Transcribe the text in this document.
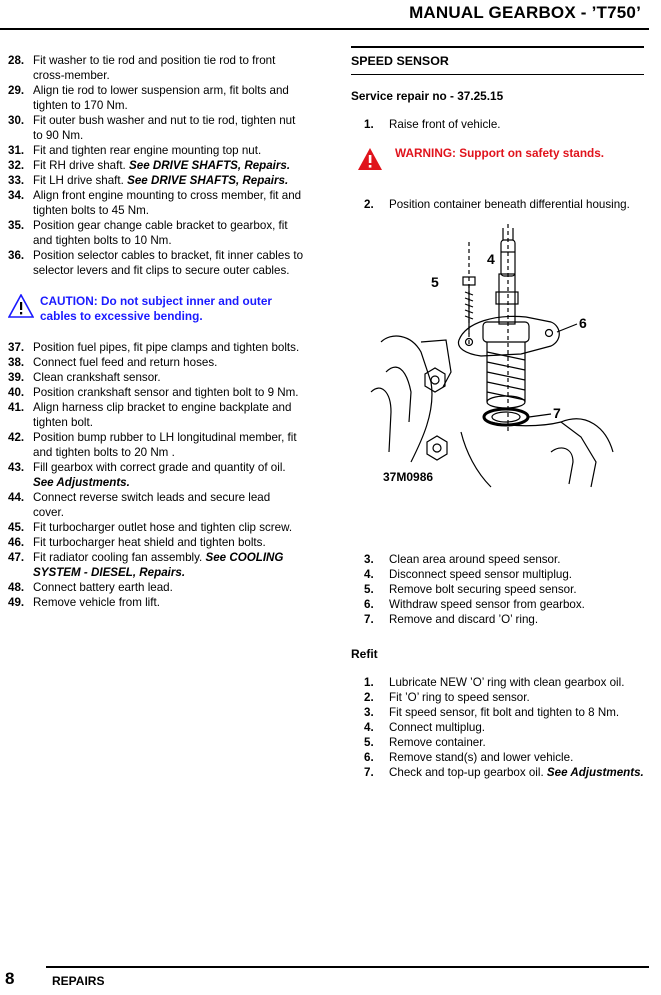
MANUAL GEARBOX - ’T750’
28. Fit washer to tie rod and position tie rod to front cross-member.
29. Align tie rod to lower suspension arm, fit bolts and tighten to 170 Nm.
30. Fit outer bush washer and nut to tie rod, tighten nut to 90 Nm.
31. Fit and tighten rear engine mounting top nut.
32. Fit RH drive shaft. See DRIVE SHAFTS, Repairs.
33. Fit LH drive shaft. See DRIVE SHAFTS, Repairs.
34. Align front engine mounting to cross member, fit and tighten bolts to 45 Nm.
35. Position gear change cable bracket to gearbox, fit and tighten bolts to 10 Nm.
36. Position selector cables to bracket, fit inner cables to selector levers and fit clips to secure outer cables.
CAUTION: Do not subject inner and outer cables to excessive bending.
37. Position fuel pipes, fit pipe clamps and tighten bolts.
38. Connect fuel feed and return hoses.
39. Clean crankshaft sensor.
40. Position crankshaft sensor and tighten bolt to 9 Nm.
41. Align harness clip bracket to engine backplate and tighten bolt.
42. Position bump rubber to LH longitudinal member, fit and tighten bolts to 20 Nm .
43. Fill gearbox with correct grade and quantity of oil. See Adjustments.
44. Connect reverse switch leads and secure lead cover.
45. Fit turbocharger outlet hose and tighten clip screw.
46. Fit turbocharger heat shield and tighten bolts.
47. Fit radiator cooling fan assembly. See COOLING SYSTEM - DIESEL, Repairs.
48. Connect battery earth lead.
49. Remove vehicle from lift.
SPEED SENSOR
Service repair no - 37.25.15
1.	Raise front of vehicle.
WARNING: Support on safety stands.
2.	Position container beneath differential housing.
4
5
6
7
37M0986
3.	Clean area around speed sensor.
4.	Disconnect speed sensor multiplug.
5.	Remove bolt securing speed sensor.
6.	Withdraw speed sensor from gearbox.
7.	Remove and discard ’O’ ring.
Refit
1.	Lubricate NEW ’O’ ring with clean gearbox oil.
2.	Fit ’O’ ring to speed sensor.
3.	Fit speed sensor, fit bolt and tighten to 8 Nm.
4.	Connect multiplug.
5.	Remove container.
6.	Remove stand(s) and lower vehicle.
7.	Check and top-up gearbox oil. See Adjustments.
8	REPAIRS
